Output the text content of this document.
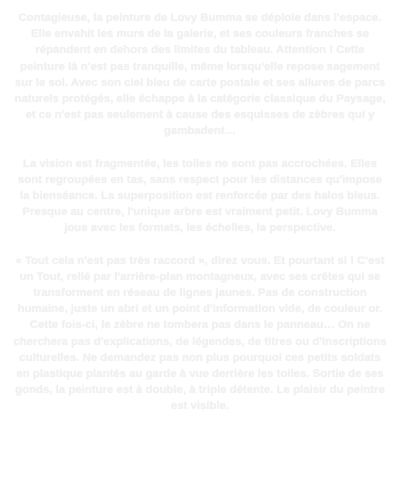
Contagieuse, la peinture de Lovy Bumma se déploie dans l'espace. Elle envahit les murs de la galerie, et ses couleurs franches se répandent en dehors des limites du tableau. Attention ! Cette peinture là n'est pas tranquille, même lorsqu'elle repose sagement sur le sol. Avec son ciel bleu de carte postale et ses allures de parcs naturels protégés, elle échappe à la catégorie classique du Paysage, et ce n'est pas seulement à cause des esquisses de zèbres qui y gambadent…

La vision est fragmentée, les toiles ne sont pas accrochées. Elles sont regroupées en tas, sans respect pour les distances qu'impose la bienséance. La superposition est renforcée par des halos bleus. Presque au centre, l'unique arbre est vraiment petit. Lovy Bumma joue avec les formats, les échelles, la perspective.

« Tout cela n'est pas très raccord », direz vous. Et pourtant si ! C'est un Tout, relié par l'arrière-plan montagneux, avec ses crêtes qui se transforment en réseau de lignes jaunes. Pas de construction humaine, juste un abri et un point d'information vide, de couleur or. Cette fois-ci, le zèbre ne tombera pas dans le panneau… On ne cherchera pas d'explications, de légendes, de titres ou d'inscriptions culturelles. Ne demandez pas non plus pourquoi ces petits soldats en plastique plantés au garde à vue derrière les toiles. Sortie de ses gonds, la peinture est à double, à triple détente. Le plaisir du peintre est visible.
